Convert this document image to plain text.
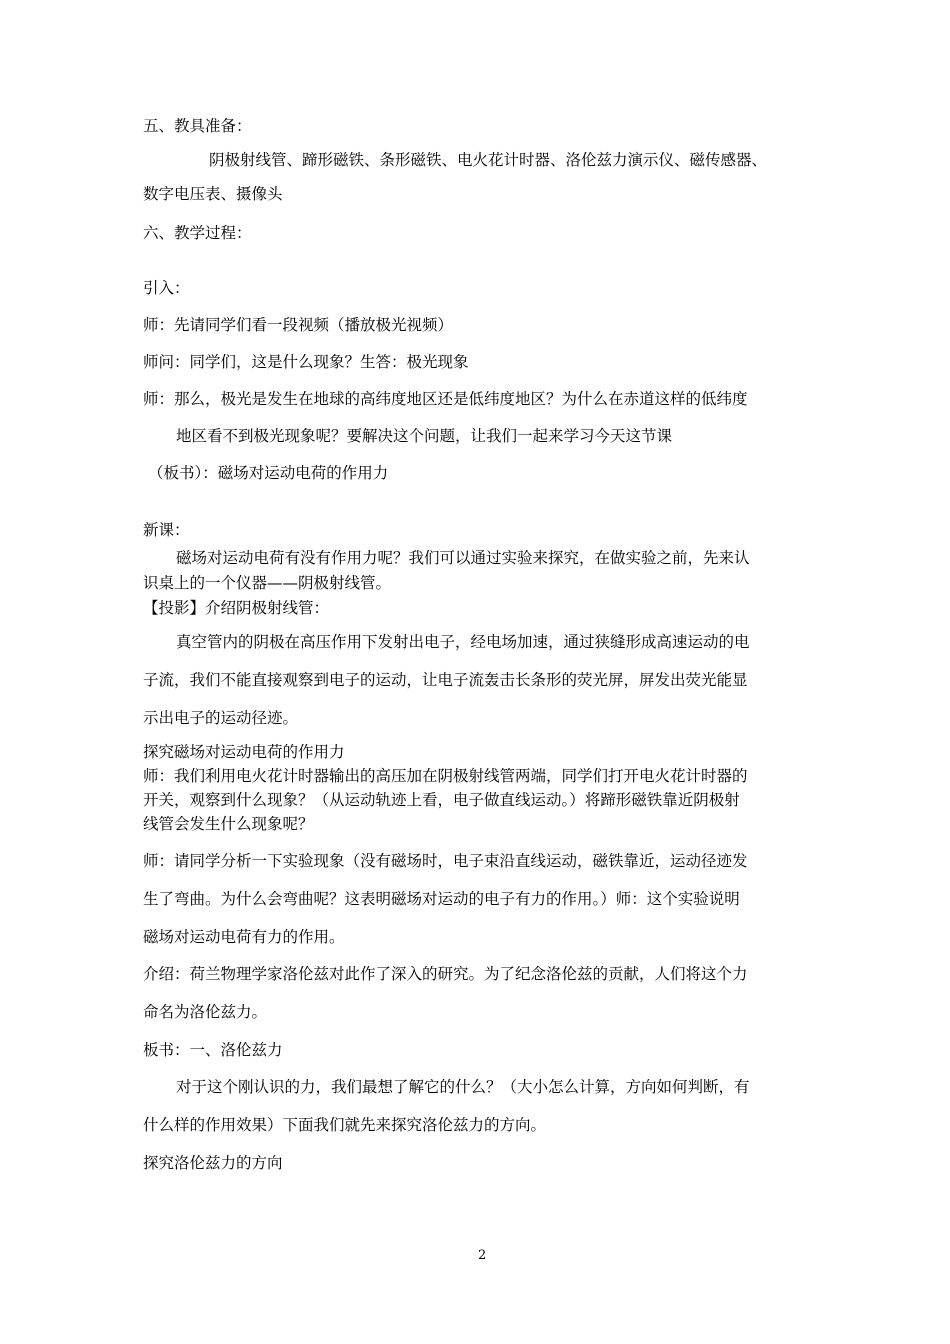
五、教具准备：
阴极射线管、蹄形磁铁、条形磁铁、电火花计时器、洛伦兹力演示仪、磁传感器、
数字电压表、摄像头
六、教学过程：
引入：
师：先请同学们看一段视频（播放极光视频）
师问：同学们，这是什么现象？生答：极光现象
师：那么，极光是发生在地球的高纬度地区还是低纬度地区？为什么在赤道这样的低纬度
地区看不到极光现象呢？要解决这个问题，让我们一起来学习今天这节课
（板书）：磁场对运动电荷的作用力
新课：
磁场对运动电荷有没有作用力呢？我们可以通过实验来探究，在做实验之前，先来认
识桌上的一个仪器——阴极射线管。
【投影】介绍阴极射线管：
真空管内的阴极在高压作用下发射出电子，经电场加速，通过狭缝形成高速运动的电
子流，我们不能直接观察到电子的运动，让电子流轰击长条形的荧光屏，屏发出荧光能显
示出电子的运动径迹。
探究磁场对运动电荷的作用力
师：我们利用电火花计时器输出的高压加在阴极射线管两端，同学们打开电火花计时器的
开关，观察到什么现象？（从运动轨迹上看，电子做直线运动。）将蹄形磁铁靠近阴极射
线管会发生什么现象呢？
师：请同学分析一下实验现象（没有磁场时，电子束沿直线运动，磁铁靠近，运动径迹发
生了弯曲。为什么会弯曲呢？这表明磁场对运动的电子有力的作用。）师：这个实验说明
磁场对运动电荷有力的作用。
介绍：荷兰物理学家洛伦兹对此作了深入的研究。为了纪念洛伦兹的贡献，人们将这个力
命名为洛伦兹力。
板书：一、洛伦兹力
对于这个刚认识的力，我们最想了解它的什么？（大小怎么计算，方向如何判断，有
什么样的作用效果）下面我们就先来探究洛伦兹力的方向。
探究洛伦兹力的方向
2
